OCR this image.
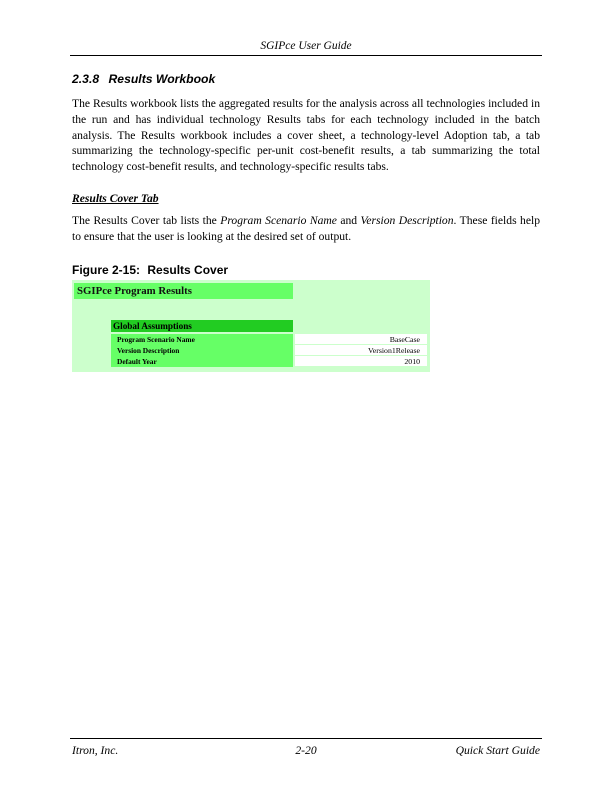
SGIPce User Guide
2.3.8 Results Workbook

The Results workbook lists the aggregated results for the analysis across all technologies included in the run and has individual technology Results tabs for each technology included in the batch analysis. The Results workbook includes a cover sheet, a technology-level Adoption tab, a tab summarizing the technology-specific per-unit cost-benefit results, a tab summarizing the total technology cost-benefit results, and technology-specific results tabs.

Results Cover Tab

The Results Cover tab lists the Program Scenario Name and Version Description. These fields help to ensure that the user is looking at the desired set of output.

Figure 2-15: Results Cover
SGIPce Program Results
Global Assumptions
Program Scenario Name	BaseCase
Version Description	Version1Release
Default Year	2010
Itron, Inc.	2-20	Quick Start Guide
